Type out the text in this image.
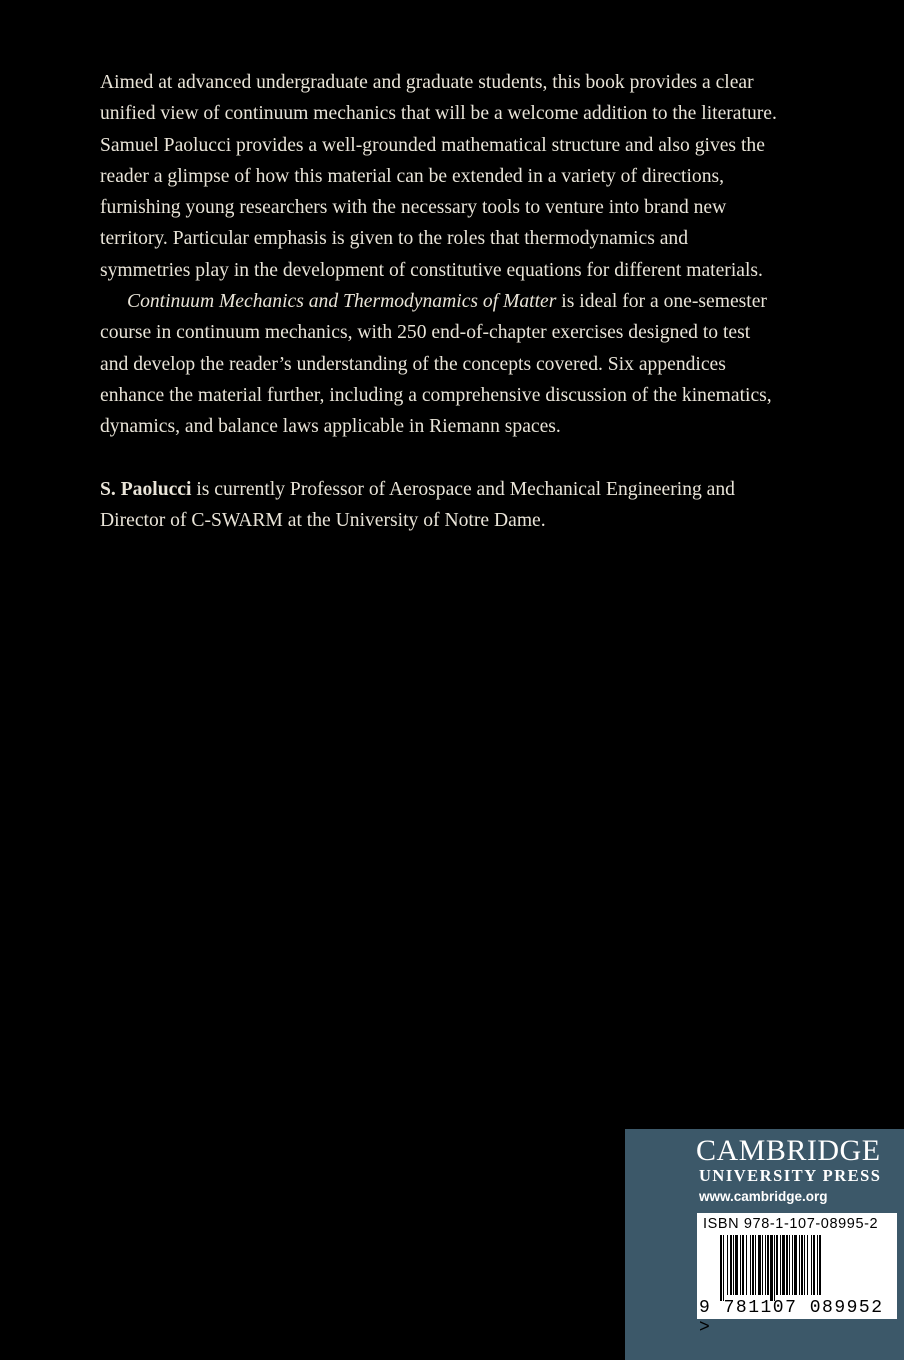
Aimed at advanced undergraduate and graduate students, this book provides a clear unified view of continuum mechanics that will be a welcome addition to the literature. Samuel Paolucci provides a well-grounded mathematical structure and also gives the reader a glimpse of how this material can be extended in a variety of directions, furnishing young researchers with the necessary tools to venture into brand new territory. Particular emphasis is given to the roles that thermodynamics and symmetries play in the development of constitutive equations for different materials.

Continuum Mechanics and Thermodynamics of Matter is ideal for a one-semester course in continuum mechanics, with 250 end-of-chapter exercises designed to test and develop the reader’s understanding of the concepts covered. Six appendices enhance the material further, including a comprehensive discussion of the kinematics, dynamics, and balance laws applicable in Riemann spaces.

S. Paolucci is currently Professor of Aerospace and Mechanical Engineering and Director of C-SWARM at the University of Notre Dame.

CAMBRIDGE
UNIVERSITY PRESS
www.cambridge.org
ISBN 978-1-107-08995-2
9 781107 089952 >
